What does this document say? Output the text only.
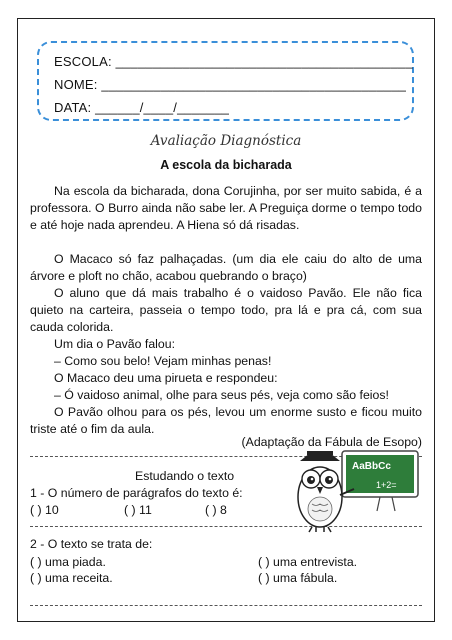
ESCOLA: ________________________________________
NOME: _________________________________________
DATA: ______/____/_______
Avaliação Diagnóstica
A escola da bicharada

Na escola da bicharada, dona Corujinha, por ser muito sabida, é a professora. O Burro ainda não sabe ler. A Preguiça dorme o tempo todo e até hoje nada aprendeu. A Hiena só dá risadas.

O Macaco só faz palhaçadas. (um dia ele caiu do alto de uma árvore e ploft no chão, acabou quebrando o braço)

O aluno que dá mais trabalho é o vaidoso Pavão. Ele não fica quieto na carteira, passeia o tempo todo, pra lá e pra cá, com sua cauda colorida.

Um dia o Pavão falou:

– Como sou belo! Vejam minhas penas!

O Macaco deu uma pirueta e respondeu:

– Ó vaidoso animal, olhe para seus pés, veja como são feios!

O Pavão olhou para os pés, levou um enorme susto e ficou muito triste até o fim da aula.

(Adaptação da Fábula de Esopo)

Estudando o texto
1 - O número de parágrafos do texto é:
( ) 10	( ) 11	( ) 8
2 - O texto se trata de:
( ) uma piada.	( ) uma entrevista.
( ) uma receita.	( ) uma fábula.
AaBbCc
1+2=
